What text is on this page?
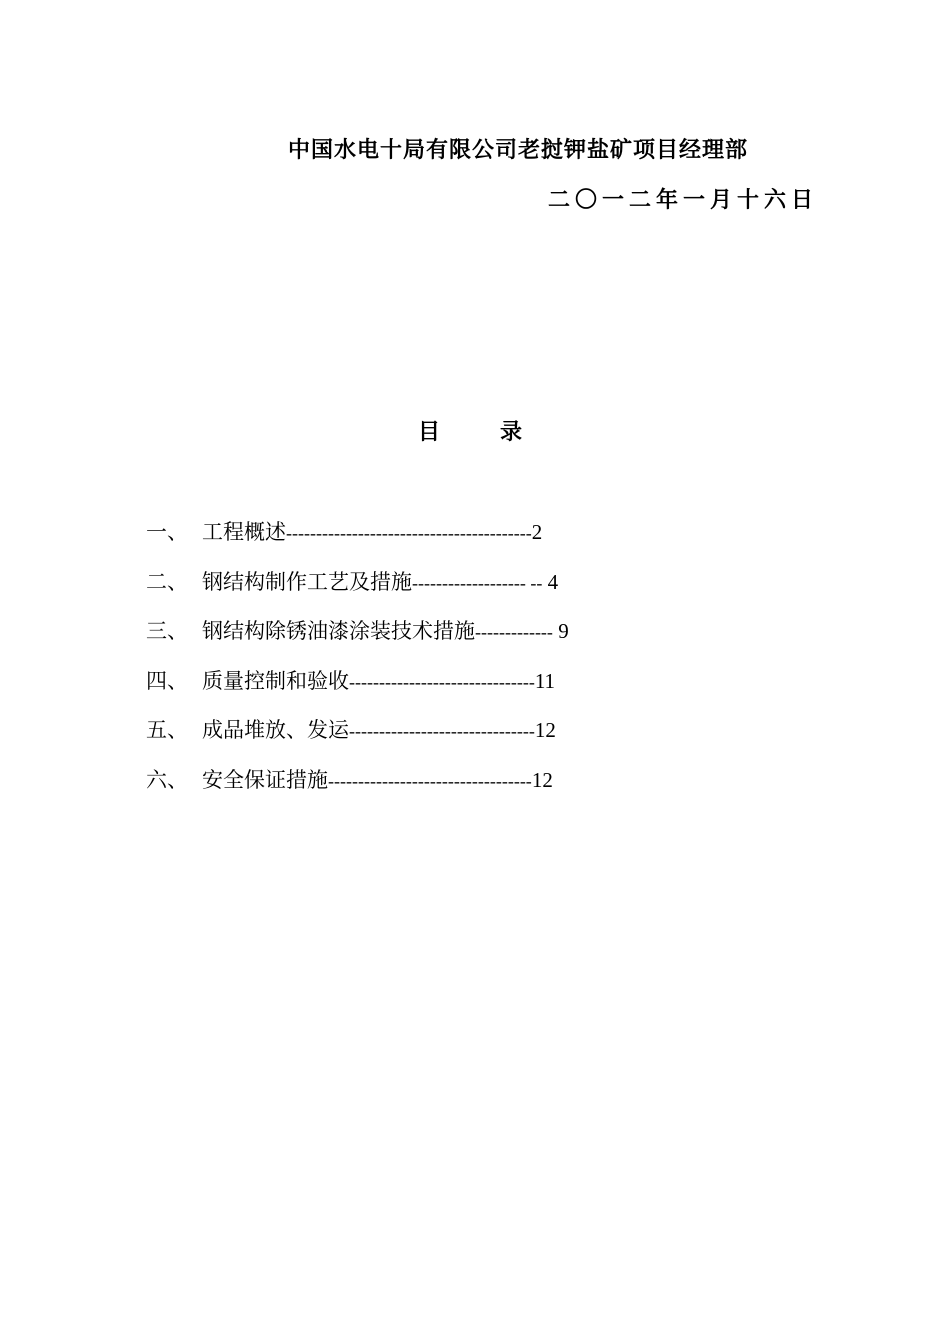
中国水电十局有限公司老挝钾盐矿项目经理部
二〇一二年一月十六日
目	录
一、 工程概述 ----------------------------------------- 2
二、 钢结构制作工艺及措施 ------------------- -- 4
三、 钢结构除锈油漆涂装技术措施 ------------- 9
四、 质量控制和验收 ------------------------------- 11
五、 成品堆放、发运 ------------------------------- 12
六、 安全保证措施 ---------------------------------- 12
